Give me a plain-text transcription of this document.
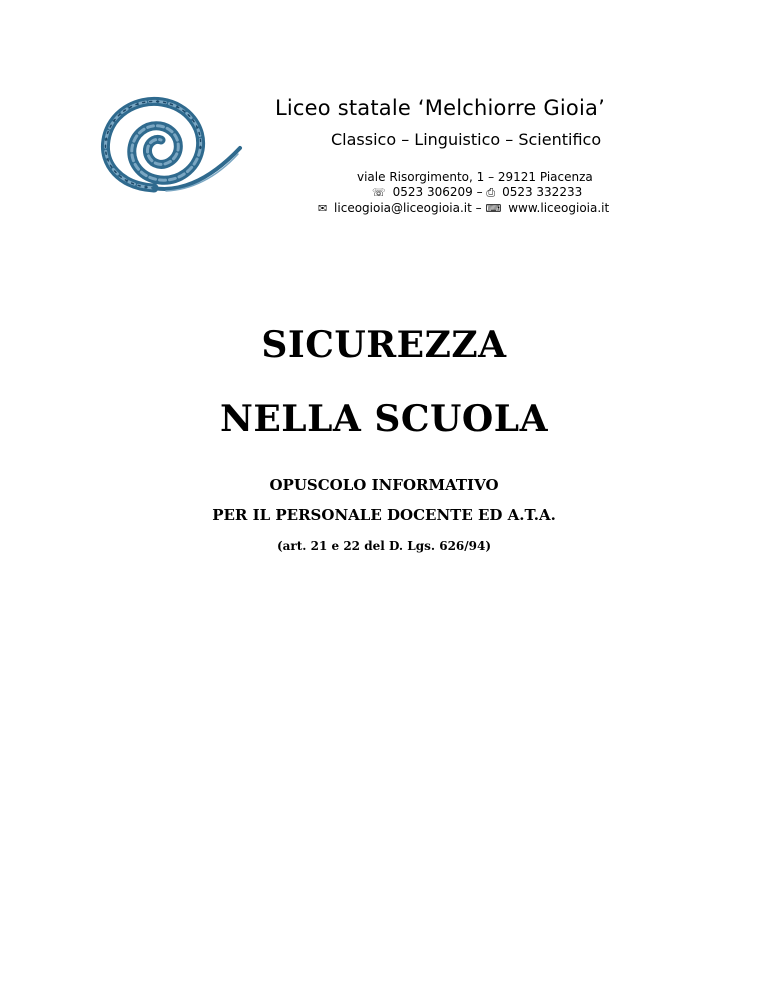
Liceo statale ‘Melchiorre Gioia’
Classico – Linguistico – Scientifico
viale Risorgimento, 1 – 29121 Piacenza
☏ 0523 306209 – ⎙ 0523 332233
✉ liceogioia@liceogioia.it – ⌨ www.liceogioia.it
SICUREZZA
NELLA SCUOLA
OPUSCOLO INFORMATIVO
PER IL PERSONALE DOCENTE ED A.T.A.
(art. 21 e 22 del D. Lgs. 626/94)
